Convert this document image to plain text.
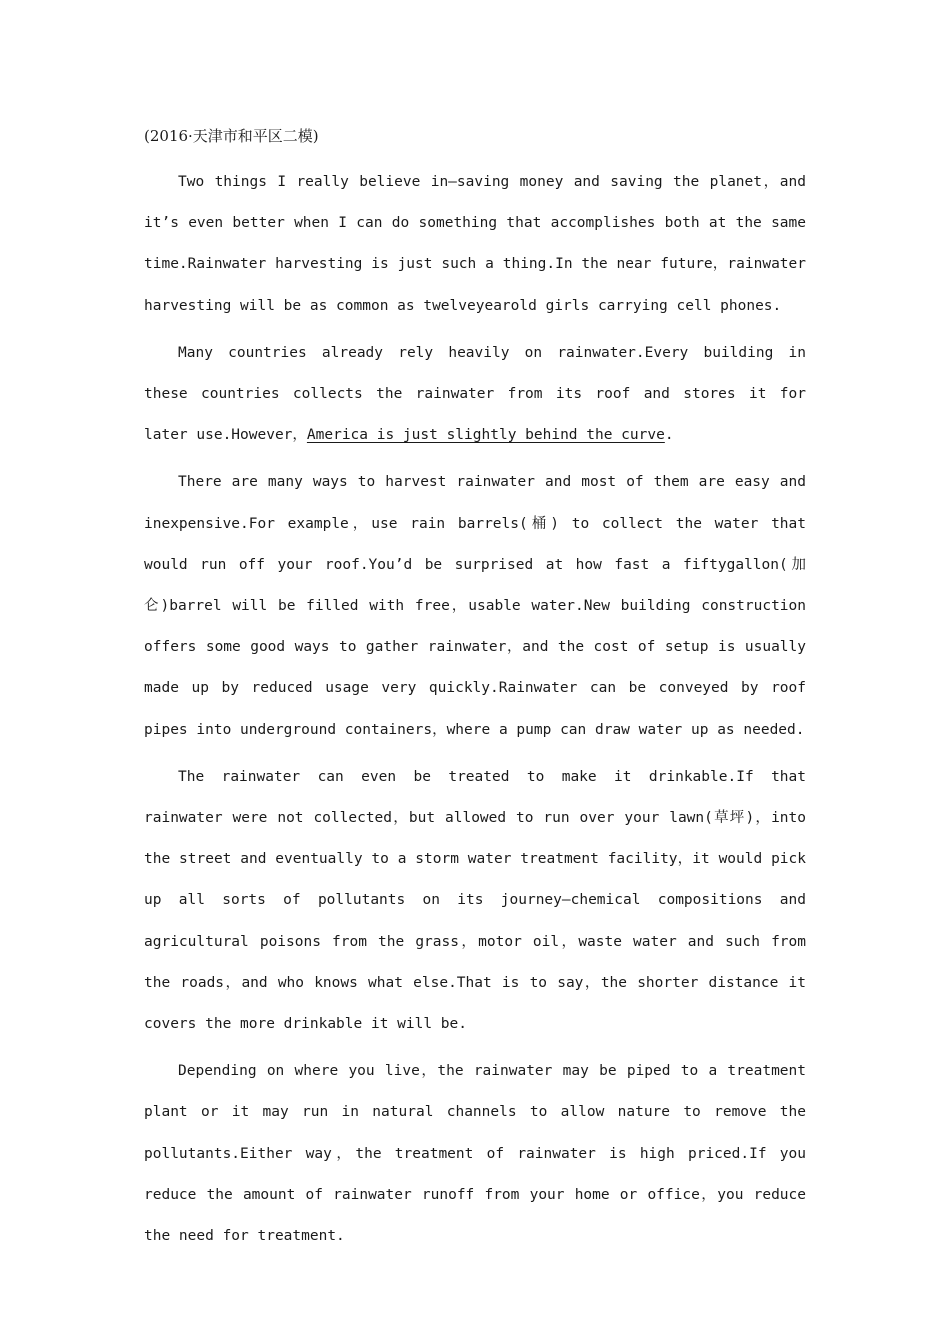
(2016·天津市和平区二模)

Two things I really believe in—saving money and saving the planet，and it’s even better when I can do something that accomplishes both at the same time.Rainwater harvesting is just such a thing.In the near future，rainwater harvesting will be as common as twelveyearold girls carrying cell phones.

Many countries already rely heavily on rainwater.Every building in these countries collects the rainwater from its roof and stores it for later use.However，America is just slightly behind the curve.

There are many ways to harvest rainwater and most of them are easy and inexpensive.For example，use rain barrels(桶) to collect the water that would run off your roof.You’d be surprised at how fast a fiftygallon(加仑)barrel will be filled with free，usable water.New building construction offers some good ways to gather rainwater，and the cost of setup is usually made up by reduced usage very quickly.Rainwater can be conveyed by roof pipes into underground containers，where a pump can draw water up as needed.

The rainwater can even be treated to make it drinkable.If that rainwater were not collected，but allowed to run over your lawn(草坪)，into the street and eventually to a storm water treatment facility，it would pick up all sorts of pollutants on its journey—chemical compositions and agricultural poisons from the grass，motor oil，waste water and such from the roads，and who knows what else.That is to say，the shorter distance it covers the more drinkable it will be.

Depending on where you live，the rainwater may be piped to a treatment plant or it may run in natural channels to allow nature to remove the pollutants.Either way，the treatment of rainwater is high priced.If you reduce the amount of rainwater runoff from your home or office，you reduce the need for treatment.
